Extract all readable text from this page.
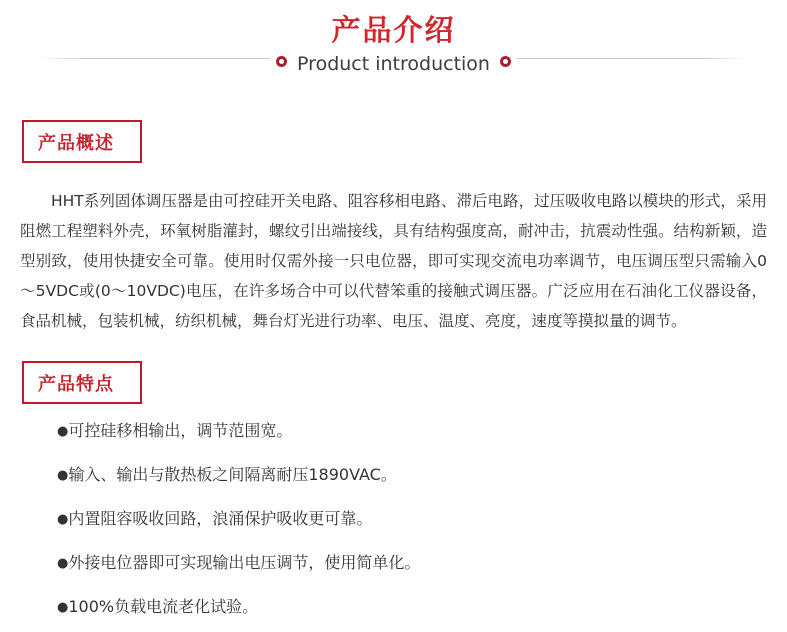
产品介绍
Product introduction
产品概述

HHT系列固体调压器是由可控硅开关电路、阻容移相电路、滞后电路，过压吸收电路以模块的形式，采用阻燃工程塑料外壳，环氧树脂灌封，螺纹引出端接线，具有结构强度高，耐冲击，抗震动性强。结构新颖，造型别致，使用快捷安全可靠。使用时仅需外接一只电位器，即可实现交流电功率调节，电压调压型只需输入0～5VDC或(0～10VDC)电压，在许多场合中可以代替笨重的接触式调压器。广泛应用在石油化工仪器设备，食品机械，包装机械，纺织机械，舞台灯光进行功率、电压、温度、亮度，速度等摸拟量的调节。

产品特点
●可控硅移相输出，调节范围宽。
●输入、输出与散热板之间隔离耐压1890VAC。
●内置阻容吸收回路，浪涌保护吸收更可靠。
●外接电位器即可实现输出电压调节，使用简单化。
●100%负载电流老化试验。
